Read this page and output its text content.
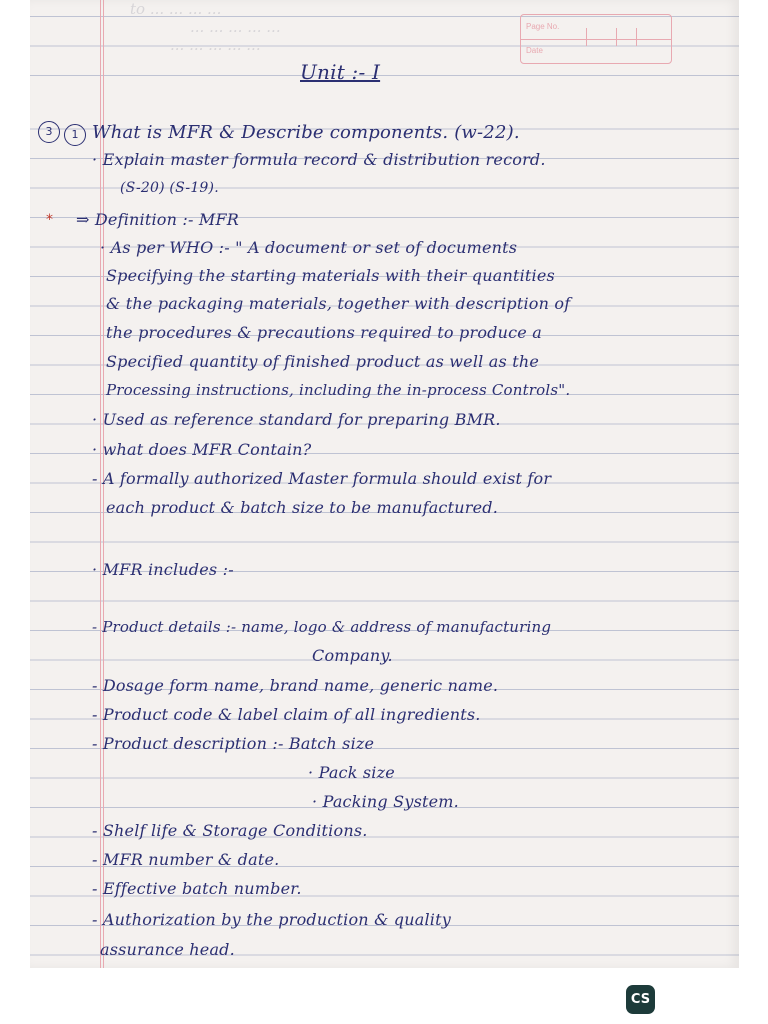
to ... ... ... ...
... ... ... ... ...
... ... ... ... ...
Page No.
Date
Unit :- I
3	1 What is MFR & Describe components. (w-22).
· Explain master formula record & distribution record.
(S-20) (S-19).
* ⇒ Definition :- MFR
· As per WHO :- " A document or set of documents
Specifying the starting materials with their quantities
& the packaging materials, together with description of
the procedures & precautions required to produce a
Specified quantity of finished product as well as the
Processing instructions, including the in-process Controls".
· Used as reference standard for preparing BMR.
· what does MFR Contain?
- A formally authorized Master formula should exist for
each product & batch size to be manufactured.
· MFR includes :-
- Product details :- name, logo & address of manufacturing
Company.
- Dosage form name, brand name, generic name.
- Product code & label claim of all ingredients.
- Product description :- Batch size
· Pack size
· Packing System.
- Shelf life & Storage Conditions.
- MFR number & date.
- Effective batch number.
- Authorization by the production & quality
assurance head.
CS
